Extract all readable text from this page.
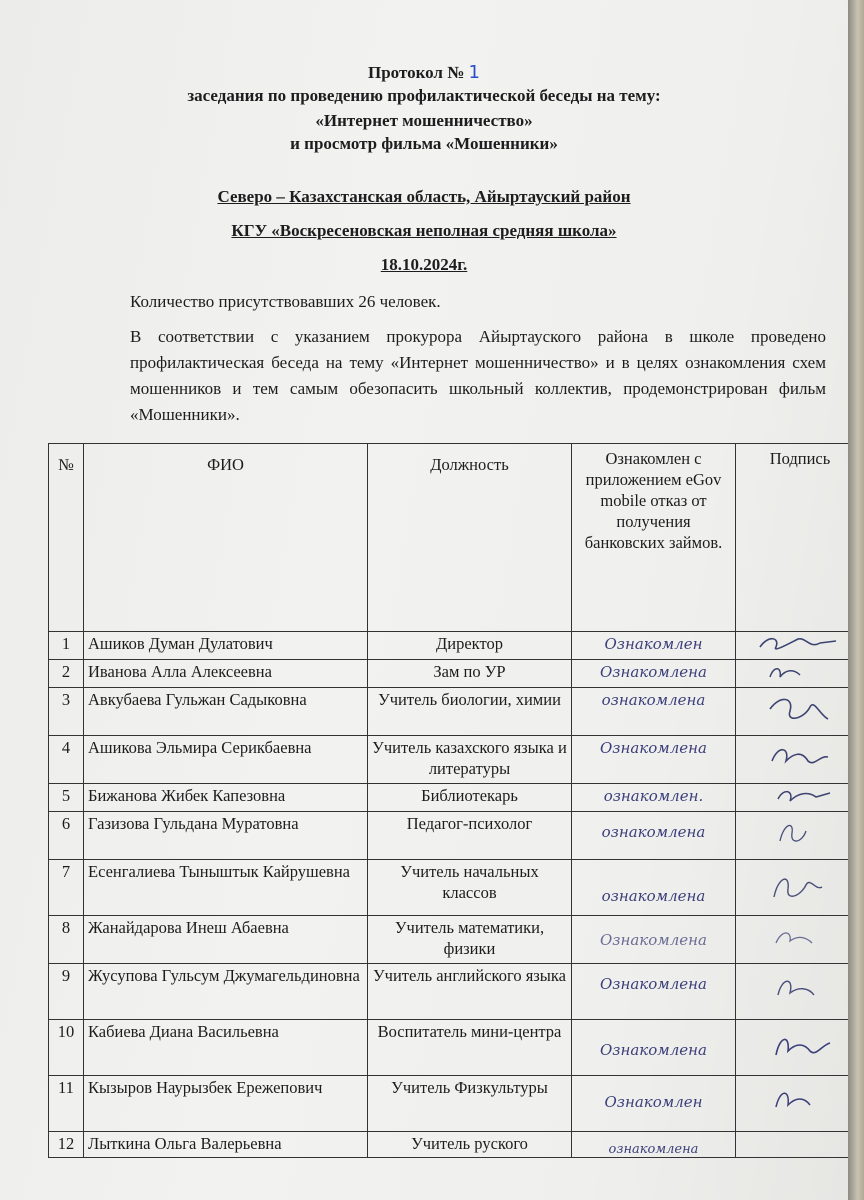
Протокол № 1
заседания по проведению профилактической беседы на тему:
«Интернет мошенничество»
и просмотр фильма «Мошенники»
Северо – Казахстанская область, Айыртауский район
КГУ «Воскресеновская неполная средняя школа»
18.10.2024г.
Количество присутствовавших 26 человек.
В соответствии с указанием прокурора Айыртауского района в школе проведено профилактическая беседа на тему «Интернет мошенничество» и в целях ознакомления схем мошенников и тем самым обезопасить школьный коллектив, продемонстрирован фильм «Мошенники».
№	ФИО	Должность	Ознакомлен с приложением eGov mobile отказ от получения банковских займов.	Подпись
1	Ашиков Думан Дулатович	Директор	Ознакомлен	
2	Иванова Алла Алексеевна	Зам по УР	Ознакомлена	
3	Авкубаева Гульжан Садыковна	Учитель биологии, химии	ознакомлена	
4	Ашикова Эльмира Серикбаевна	Учитель казахского языка и литературы	Ознакомлена	
5	Бижанова Жибек Капезовна	Библиотекарь	ознакомлен.	
6	Газизова Гульдана Муратовна	Педагог-психолог	ознакомлена	
7	Есенгалиева Тыныштык Кайрушевна	Учитель начальных классов	ознакомлена	
8	Жанайдарова Инеш Абаевна	Учитель математики, физики	Ознакомлена	
9	Жусупова Гульсум Джумагельдиновна	Учитель английского языка	Ознакомлена	
10	Кабиева Диана Васильевна	Воспитатель мини-центра	Ознакомлена	
11	Кызыров Наурызбек Ережепович	Учитель Физкультуры	Ознакомлен	
12	Лыткина Ольга Валерьевна	Учитель руского	$_{ознакомлена}$	
